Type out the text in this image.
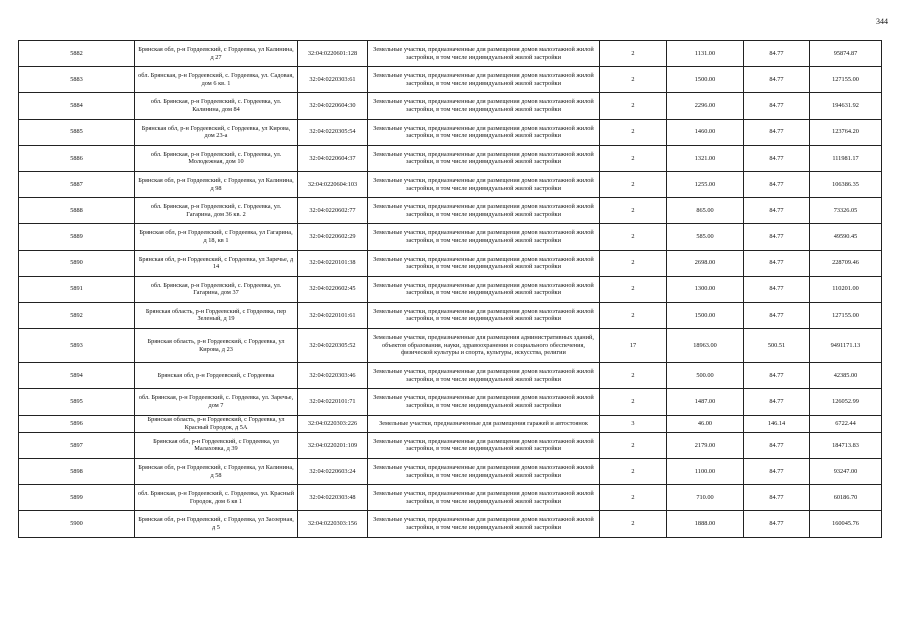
344
5882	Брянская обл, р-н Гордеевский, с Гордеевка, ул Калинина, д 27	32:04:0220601:128	Земельные участки, предназначенные для размещения домов малоэтажной жилой застройки, в том числе индивидуальной жилой застройки	2	1131.00	84.77	95874.87
5883	обл. Брянская, р-н Гордеевский, с. Гордеевка, ул. Садовая, дом 6 кв. 1	32:04:0220303:61	Земельные участки, предназначенные для размещения домов малоэтажной жилой застройки, в том числе индивидуальной жилой застройки	2	1500.00	84.77	127155.00
5884	обл. Брянская, р-н Гордеевский, с. Гордеевка, ул. Калинина, дом 84	32:04:0220604:30	Земельные участки, предназначенные для размещения домов малоэтажной жилой застройки, в том числе индивидуальной жилой застройки	2	2296.00	84.77	194631.92
5885	Брянская обл, р-н Гордеевский, с Гордеевка, ул Кирова, дом 23-а	32:04:0220305:54	Земельные участки, предназначенные для размещения домов малоэтажной жилой застройки, в том числе индивидуальной жилой застройки	2	1460.00	84.77	123764.20
5886	обл. Брянская, р-н Гордеевский, с. Гордеевка, ул. Молодежная, дом 10	32:04:0220604:37	Земельные участки, предназначенные для размещения домов малоэтажной жилой застройки, в том числе индивидуальной жилой застройки	2	1321.00	84.77	111981.17
5887	Брянская обл, р-н Гордеевский, с Гордеевка, ул Калинина, д 98	32:04:0220604:103	Земельные участки, предназначенные для размещения домов малоэтажной жилой застройки, в том числе индивидуальной жилой застройки	2	1255.00	84.77	106386.35
5888	обл. Брянская, р-н Гордеевский, с. Гордеевка, ул. Гагарина, дом 36 кв. 2	32:04:0220602:77	Земельные участки, предназначенные для размещения домов малоэтажной жилой застройки, в том числе индивидуальной жилой застройки	2	865.00	84.77	73326.05
5889	Брянская обл, р-н Гордеевский, с Гордеевка, ул Гагарина, д 18, кв 1	32:04:0220602:29	Земельные участки, предназначенные для размещения домов малоэтажной жилой застройки, в том числе индивидуальной жилой застройки	2	585.00	84.77	49590.45
5890	Брянская обл, р-н Гордеевский, с Гордеевка, ул Заречье, д 14	32:04:0220101:38	Земельные участки, предназначенные для размещения домов малоэтажной жилой застройки, в том числе индивидуальной жилой застройки	2	2698.00	84.77	228709.46
5891	обл. Брянская, р-н Гордеевский, с. Гордеевка, ул. Гагарина, дом 37	32:04:0220602:45	Земельные участки, предназначенные для размещения домов малоэтажной жилой застройки, в том числе индивидуальной жилой застройки	2	1300.00	84.77	110201.00
5892	Брянская область, р-н Гордеевский, с Гордеевка, пер Зеленый, д 19	32:04:0220101:61	Земельные участки, предназначенные для размещения домов малоэтажной жилой застройки, в том числе индивидуальной жилой застройки	2	1500.00	84.77	127155.00
5893	Брянская область, р-н Гордеевский, с Гордеевка, ул Кирова, д 23	32:04:0220305:52	Земельные участки, предназначенные для размещения административных зданий, объектов образования, науки, здравоохранения и социального обеспечения, физической культуры и спорта, культуры, искусства, религии	17	18963.00	500.51	9491171.13
5894	Брянская обл, р-н Гордеевский, с Гордеевка	32:04:0220303:46	Земельные участки, предназначенные для размещения домов малоэтажной жилой застройки, в том числе индивидуальной жилой застройки	2	500.00	84.77	42385.00
5895	обл. Брянская, р-н Гордеевский, с. Гордеевка, ул. Заречье, дом 7	32:04:0220101:71	Земельные участки, предназначенные для размещения домов малоэтажной жилой застройки, в том числе индивидуальной жилой застройки	2	1487.00	84.77	126052.99
5896	Брянская область, р-н Гордеевский, с Гордеевка, ул Красный Городок, д 5А	32:04:0220303:226	Земельные участки, предназначенные для размещения гаражей и автостоянок	3	46.00	146.14	6722.44
5897	Брянская обл, р-н Гордеевский, с Гордеевка, ул Малаховка, д 39	32:04:0220201:109	Земельные участки, предназначенные для размещения домов малоэтажной жилой застройки, в том числе индивидуальной жилой застройки	2	2179.00	84.77	184713.83
5898	Брянская обл, р-н Гордеевский, с Гордеевка, ул Калинина, д 58	32:04:0220603:24	Земельные участки, предназначенные для размещения домов малоэтажной жилой застройки, в том числе индивидуальной жилой застройки	2	1100.00	84.77	93247.00
5899	обл. Брянская, р-н Гордеевский, с. Гордеевка, ул. Красный Городок, дом 6 кв 1	32:04:0220303:48	Земельные участки, предназначенные для размещения домов малоэтажной жилой застройки, в том числе индивидуальной жилой застройки	2	710.00	84.77	60186.70
5900	Брянская обл, р-н Гордеевский, с Гордеевка, ул Заозерная, д 5	32:04:0220303:156	Земельные участки, предназначенные для размещения домов малоэтажной жилой застройки, в том числе индивидуальной жилой застройки	2	1888.00	84.77	160045.76
